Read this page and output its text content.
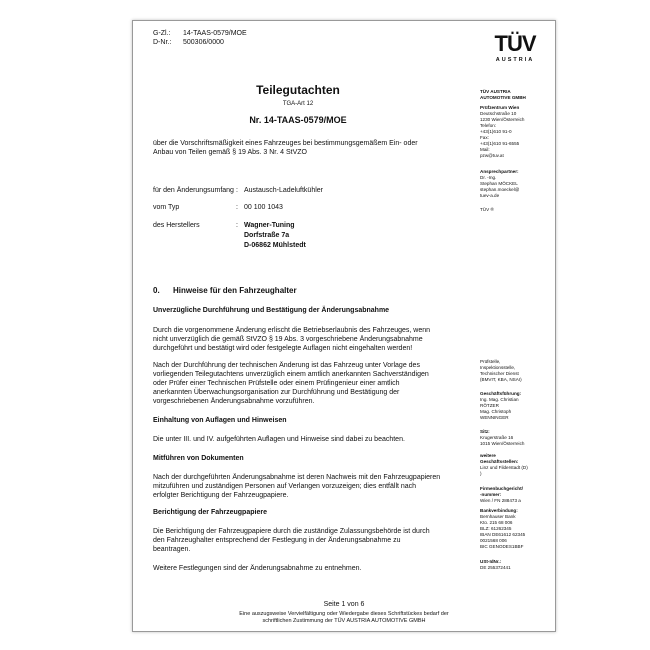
G-Zl.: 14-TAAS-0579/MOE
D-Nr.: 500306/0000	TÜV
AUSTRIA
Teilegutachten
TGA-Art 12
Nr. 14-TAAS-0579/MOE
über die Vorschriftsmäßigkeit eines Fahrzeuges bei bestimmungsgemäßem Ein- oder
Anbau von Teilen gemäß § 19 Abs. 3 Nr. 4 StVZO
für den Änderungsumfang : Austausch-Ladeluftkühler
vom Typ	: 00 100 1043
des Herstellers	: Wagner-Tuning
Dorfstraße 7a
D-06862 Mühlstedt
0.      Hinweise für den Fahrzeughalter
Unverzügliche Durchführung und Bestätigung der Änderungsabnahme
Durch die vorgenommene Änderung erlischt die Betriebserlaubnis des Fahrzeuges, wenn
nicht unverzüglich die gemäß StVZO § 19 Abs. 3 vorgeschriebene Änderungsabnahme
durchgeführt und bestätigt wird oder festgelegte Auflagen nicht eingehalten werden!
Nach der Durchführung der technischen Änderung ist das Fahrzeug unter Vorlage des
vorliegenden Teilegutachtens unverzüglich einem amtlich anerkannten Sachverständigen
oder Prüfer einer Technischen Prüfstelle oder einem Prüfingenieur einer amtlich
anerkannten Überwachungsorganisation zur Durchführung und Bestätigung der
vorgeschriebenen Änderungsabnahme vorzuführen.
Einhaltung von Auflagen und Hinweisen
Die unter III. und IV. aufgeführten Auflagen und Hinweise sind dabei zu beachten.
Mitführen von Dokumenten
Nach der durchgeführten Änderungsabnahme ist deren Nachweis mit den Fahrzeugpapieren
mitzuführen und zuständigen Personen auf Verlangen vorzuzeigen; dies entfällt nach
erfolgter Berichtigung der Fahrzeugpapiere.
Berichtigung der Fahrzeugpapiere
Die Berichtigung der Fahrzeugpapiere durch die zuständige Zulassungsbehörde ist durch
den Fahrzeughalter entsprechend der Festlegung in der Änderungsabnahme zu
beantragen.
Weitere Festlegungen sind der Änderungsabnahme zu entnehmen.
TÜV AUSTRIA
AUTOMOTIVE GMBH
Prüfzentrum Wien
Deutschstraße 10
1230 Wien/Österreich
Telefon:
+43(1)610 91-0
Fax:
+43(1)610 91-6555
Mail:
pzw@tuv.at
Ansprechpartner:
Dr. -Ing.
Stephan MÖCKEL
stephan.moeckel@
tuev-a.de
TÜV ®
Prüfstelle,
Inspektionsstelle,
Technischer Dienst
(BMVIT, KBA, NSAI)
Geschäftsführung:
Ing. Mag. Christian
RÖTZER
Mag. Christoph
WENNINGER
Sitz:
Krugerstraße 16
1015 Wien/Österreich
weitere
Geschäftsstellen:
Linz und Filderstadt (D)
)
Firmenbuchgericht/
-nummer:
Wien / FN 288473 a
Bankverbindung:
Bernhauser Bank
Kto. 215 68 006
BLZ: 61262345
IBAN DE61612 62345
0021568 006
BIC GENODES1BBF
USt-IdNr.:
DE 255372441
Seite 1 von 6
Eine auszugsweise Vervielfältigung oder Wiedergabe dieses Schriftstückes bedarf der
schriftlichen Zustimmung der TÜV AUSTRIA AUTOMOTIVE GMBH
